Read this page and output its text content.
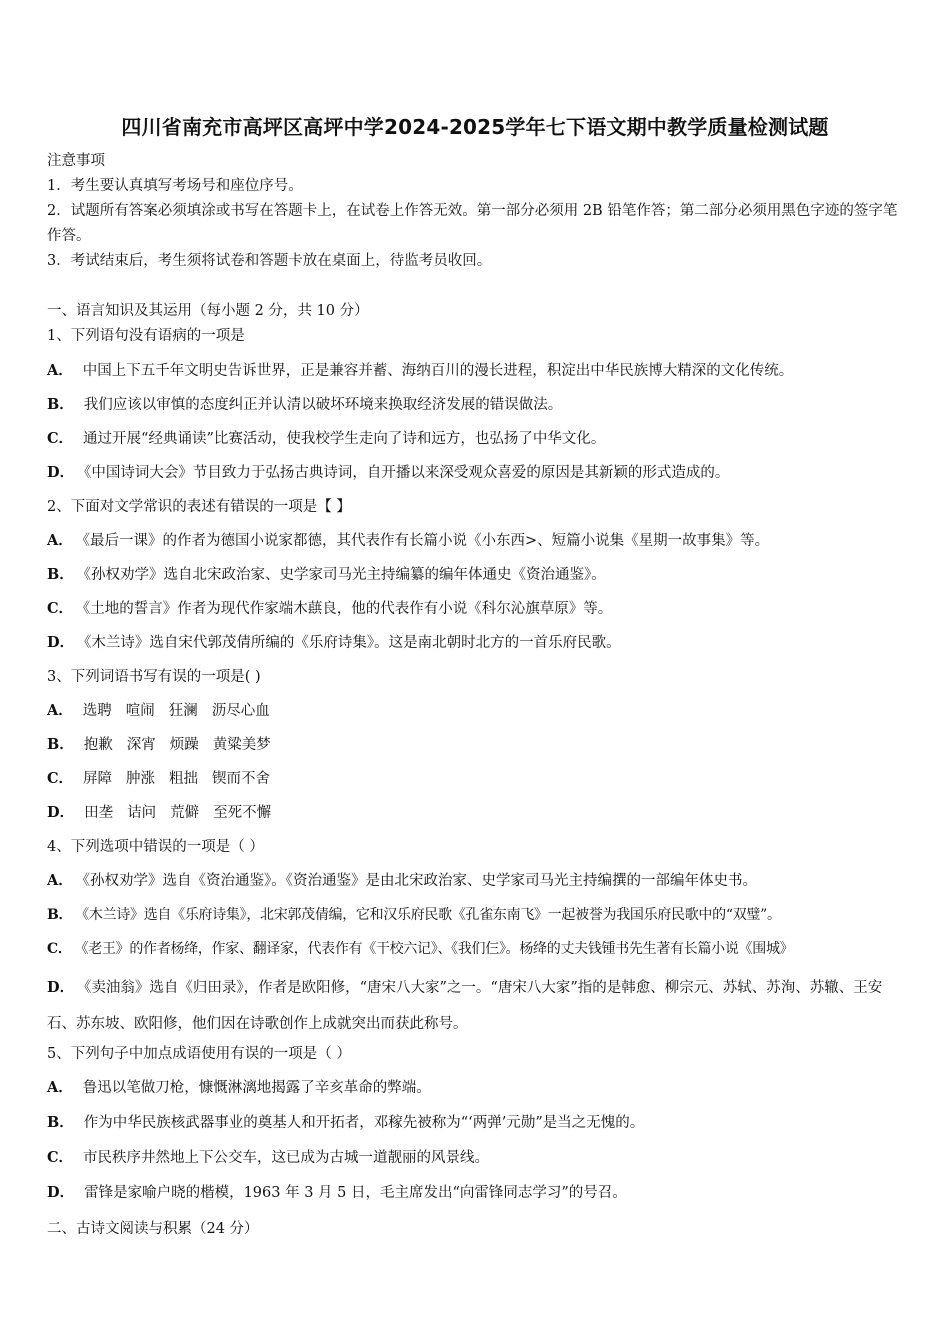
四川省南充市高坪区高坪中学2024-2025学年七下语文期中教学质量检测试题
注意事项
1．考生要认真填写考场号和座位序号。
2．试题所有答案必须填涂或书写在答题卡上，在试卷上作答无效。第一部分必须用 2B 铅笔作答；第二部分必须用黑色字迹的签字笔作答。
3．考试结束后，考生须将试卷和答题卡放在桌面上，待监考员收回。
一、语言知识及其运用（每小题 2 分，共 10 分）
1、下列语句没有语病的一项是
A． 中国上下五千年文明史告诉世界，正是兼容并蓄、海纳百川的漫长进程，积淀出中华民族博大精深的文化传统。
B． 我们应该以审慎的态度纠正并认清以破坏环境来换取经济发展的错误做法。
C． 通过开展“经典诵读”比赛活动，使我校学生走向了诗和远方，也弘扬了中华文化。
D． 《中国诗词大会》节目致力于弘扬古典诗词，自开播以来深受观众喜爱的原因是其新颖的形式造成的。
2、下面对文学常识的表述有错误的一项是【 】
A． 《最后一课》的作者为德国小说家都德，其代表作有长篇小说《小东西>、短篇小说集《星期一故事集》等。
B． 《孙权劝学》选自北宋政治家、史学家司马光主持编纂的编年体通史《资治通鉴》。
C． 《土地的誓言》作者为现代作家端木蕻良，他的代表作有小说《科尔沁旗草原》等。
D． 《木兰诗》选自宋代郭茂倩所编的《乐府诗集》。这是南北朝时北方的一首乐府民歌。
3、下列词语书写有误的一项是( )
A． 选聘 喧闹 狂澜 沥尽心血
B． 抱歉 深宵 烦躁 黄粱美梦
C． 屏障 肿涨 粗拙 锲而不舍
D． 田垄 诘问 荒僻 至死不懈
4、下列选项中错误的一项是（ ）
A． 《孙权劝学》选自《资治通鉴》。《资治通鉴》是由北宋政治家、史学家司马光主持编撰的一部编年体史书。
B． 《木兰诗》选自《乐府诗集》，北宋郭茂倩编，它和汉乐府民歌《孔雀东南飞》一起被誉为我国乐府民歌中的“双璧”。
C． 《老王》的作者杨绛，作家、翻译家，代表作有《干校六记》、《我们仨》。杨绛的丈夫钱锺书先生著有长篇小说《围城》
D． 《卖油翁》选自《归田录》，作者是欧阳修，“唐宋八大家”之一。“唐宋八大家”指的是韩愈、柳宗元、苏轼、苏洵、苏辙、王安石、苏东坡、欧阳修，他们因在诗歌创作上成就突出而获此称号。
5、下列句子中加点成语使用有误的一项是（ ）
A． 鲁迅以笔做刀枪，慷慨淋漓地揭露了辛亥革命的弊端。
B． 作为中华民族核武器事业的奠基人和开拓者，邓稼先被称为“‘两弹’元勋”是当之无愧的。
C． 市民秩序井然地上下公交车，这已成为古城一道靓丽的风景线。
D． 雷锋是家喻户晓的楷模，1963 年 3 月 5 日，毛主席发出“向雷锋同志学习”的号召。
二、古诗文阅读与积累（24 分）
